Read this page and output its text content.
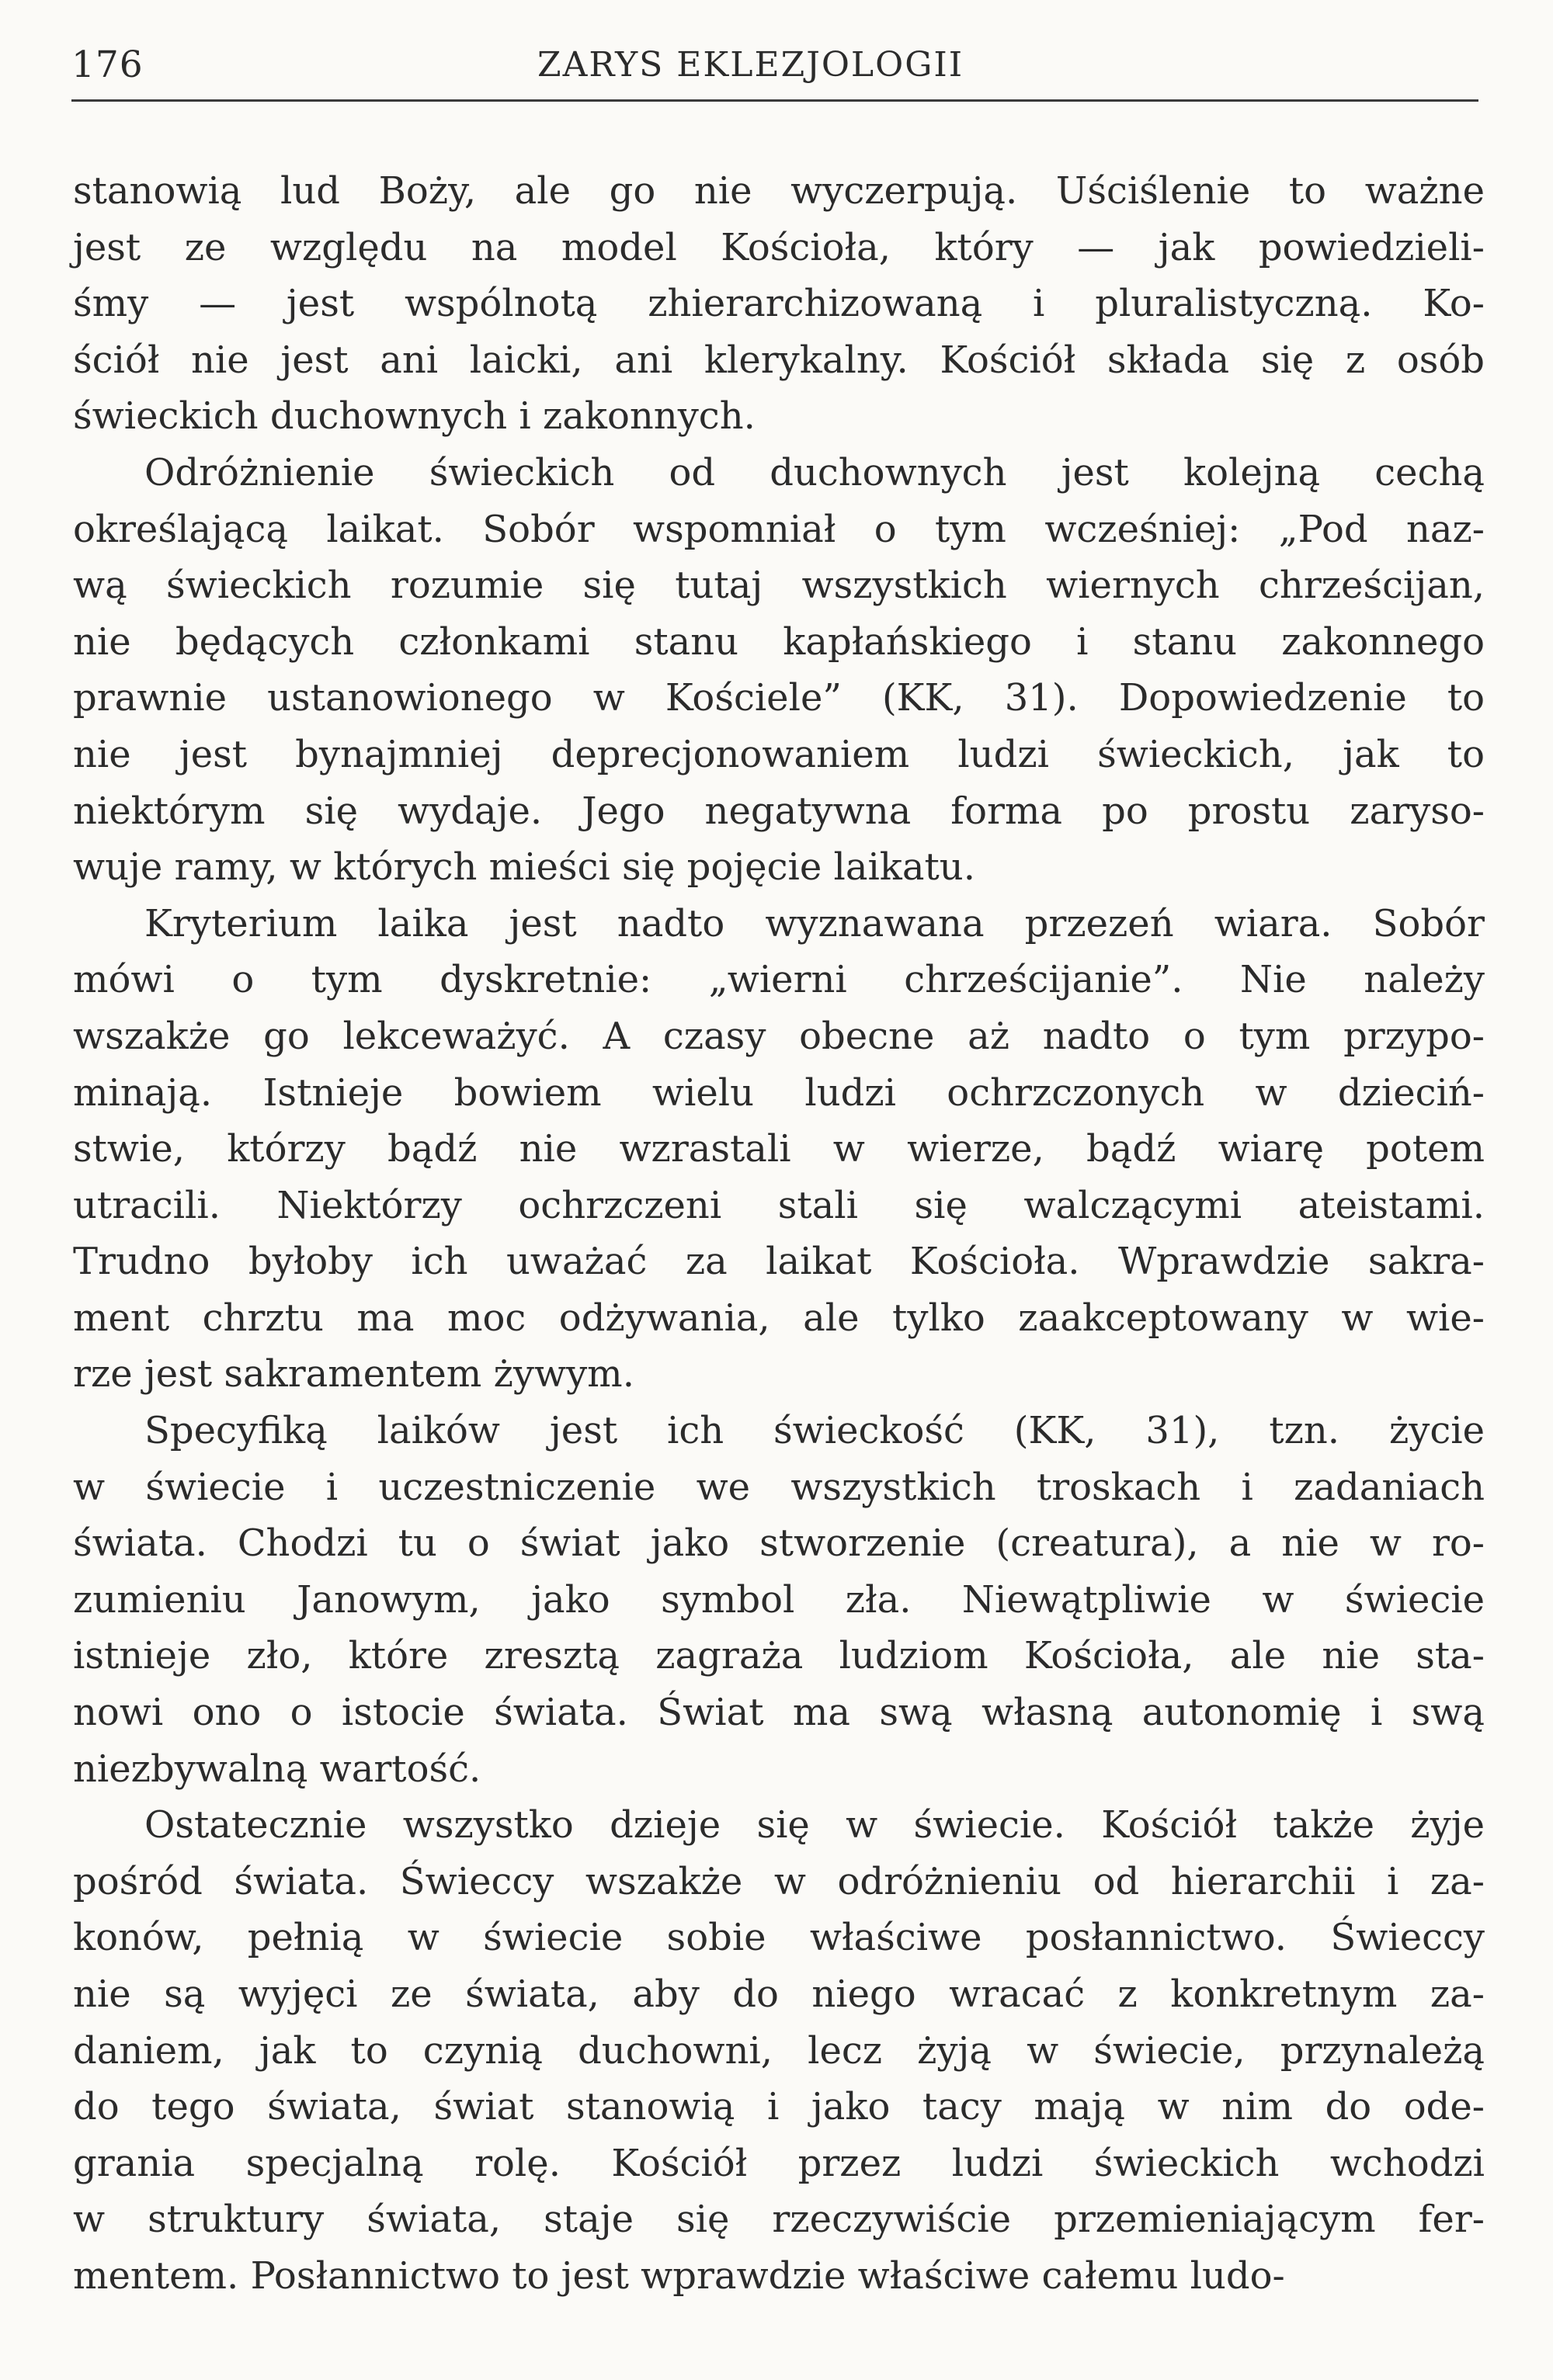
176	ZARYS EKLEZJOLOGII
stanowią lud Boży, ale go nie wyczerpują. Uściślenie to ważne
jest ze względu na model Kościoła, który — jak powiedzieli-
śmy — jest wspólnotą zhierarchizowaną i pluralistyczną. Ko-
ściół nie jest ani laicki, ani klerykalny. Kościół składa się z osób
świeckich duchownych i zakonnych.
Odróżnienie świeckich od duchownych jest kolejną cechą
określającą laikat. Sobór wspomniał o tym wcześniej: „Pod naz-
wą świeckich rozumie się tutaj wszystkich wiernych chrześcijan,
nie będących członkami stanu kapłańskiego i stanu zakonnego
prawnie ustanowionego w Kościele” (KK, 31). Dopowiedzenie to
nie jest bynajmniej deprecjonowaniem ludzi świeckich, jak to
niektórym się wydaje. Jego negatywna forma po prostu zaryso-
wuje ramy, w których mieści się pojęcie laikatu.
Kryterium laika jest nadto wyznawana przezeń wiara. Sobór
mówi o tym dyskretnie: „wierni chrześcijanie”. Nie należy
wszakże go lekceważyć. A czasy obecne aż nadto o tym przypo-
minają. Istnieje bowiem wielu ludzi ochrzczonych w dzieciń-
stwie, którzy bądź nie wzrastali w wierze, bądź wiarę potem
utracili. Niektórzy ochrzczeni stali się walczącymi ateistami.
Trudno byłoby ich uważać za laikat Kościoła. Wprawdzie sakra-
ment chrztu ma moc odżywania, ale tylko zaakceptowany w wie-
rze jest sakramentem żywym.
Specyfiką laików jest ich świeckość (KK, 31), tzn. życie
w świecie i uczestniczenie we wszystkich troskach i zadaniach
świata. Chodzi tu o świat jako stworzenie (creatura), a nie w ro-
zumieniu Janowym, jako symbol zła. Niewątpliwie w świecie
istnieje zło, które zresztą zagraża ludziom Kościoła, ale nie sta-
nowi ono o istocie świata. Świat ma swą własną autonomię i swą
niezbywalną wartość.
Ostatecznie wszystko dzieje się w świecie. Kościół także żyje
pośród świata. Świeccy wszakże w odróżnieniu od hierarchii i za-
konów, pełnią w świecie sobie właściwe posłannictwo. Świeccy
nie są wyjęci ze świata, aby do niego wracać z konkretnym za-
daniem, jak to czynią duchowni, lecz żyją w świecie, przynależą
do tego świata, świat stanowią i jako tacy mają w nim do ode-
grania specjalną rolę. Kościół przez ludzi świeckich wchodzi
w struktury świata, staje się rzeczywiście przemieniającym fer-
mentem. Posłannictwo to jest wprawdzie właściwe całemu ludo-
